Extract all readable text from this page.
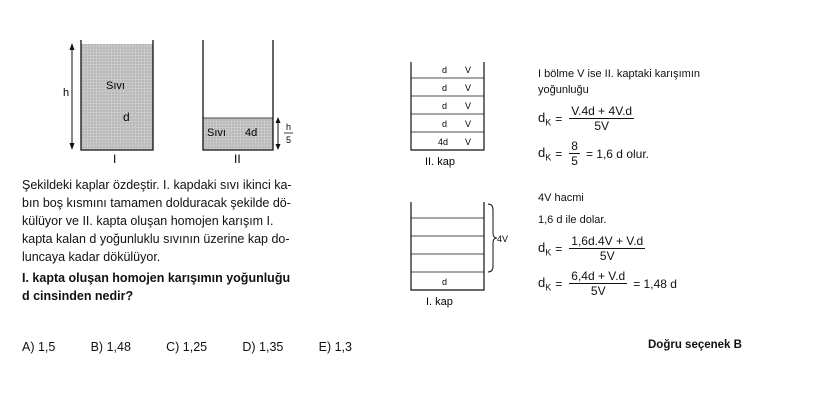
h
Sıvı
d
I
Sıvı 4d	h
5
II
Şekildeki kaplar özdeştir. I. kapdaki sıvı ikinci ka-
bın boş kısmını tamamen dolduracak şekilde dö-
külüyor ve II. kapta oluşan homojen karışım I.
kapta kalan d yoğunluklu sıvının üzerine kap do-
luncaya kadar dökülüyor.
I. kapta oluşan homojen karışımın yoğunluğu
d cinsinden nedir?
A) 1,5	B) 1,48	C) 1,25	D) 1,35	E) 1,3
d V
d V
d V
d V
4d V
II. kap
d
4V
I. kap
I bölme V ise II. kaptaki karışımın
yoğunluğu
$d_K = \frac{V.4d + 4V.d}{5V}$
$d_K = \frac{8}{5} = 1,6$ d olur.
4V hacmi
1,6 d ile dolar.
$d_K = \frac{1,6d.4V + V.d}{5V}$
$d_K = \frac{6,4d + V.d}{5V} = 1,48$ d
Doğru seçenek B
